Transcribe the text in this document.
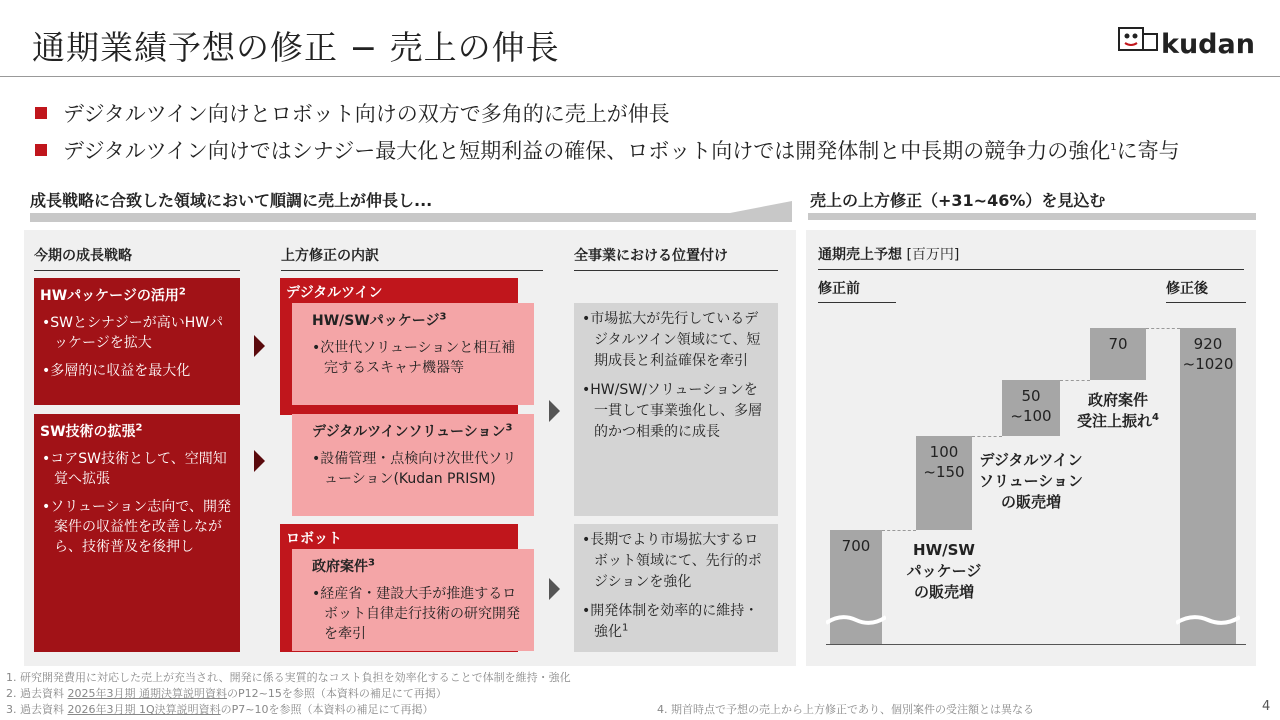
通期業績予想の修正 − 売上の伸長	kudan
デジタルツイン向けとロボット向けの双方で多角的に売上が伸長
デジタルツイン向けではシナジー最大化と短期利益の確保、ロボット向けでは開発体制と中長期の競争力の強化$^1$に寄与
成長戦略に合致した領域において順調に売上が伸長し...	売上の上方修正（+31~46%）を見込む
今期の成長戦略	上方修正の内訳	全事業における位置付け
HWパッケージの活用$^2$
•SWとシナジーが高いHWパッケージを拡大
•多層的に収益を最大化
SW技術の拡張$^2$
•コアSW技術として、空間知覚へ拡張
•ソリューション志向で、開発案件の収益性を改善しながら、技術普及を後押し
デジタルツイン
HW/SWパッケージ$^3$
•次世代ソリューションと相互補完するスキャナ機器等
デジタルツインソリューション$^3$
•設備管理・点検向け次世代ソリューション(Kudan PRISM)
ロボット
政府案件$^3$
•経産省・建設大手が推進するロボット自律走行技術の研究開発を牽引
•市場拡大が先行しているデジタルツイン領域にて、短期成長と利益確保を牽引
•HW/SW/ソリューションを一貫して事業強化し、多層的かつ相乗的に成長
•長期でより市場拡大するロボット領域にて、先行的ポジションを強化
•開発体制を効率的に維持・強化$^1$
通期売上予想 [百万円]
修正前	修正後
700
100
~150
50
~100
70	920
~1020
HW/SW
パッケージ
の販売増
デジタルツイン
ソリューション
の販売増
政府案件
受注上振れ$^4$
1. 研究開発費用に対応した売上が充当され、開発に係る実質的なコスト負担を効率化することで体制を維持・強化
2. 過去資料 2025年3月期 通期決算説明資料のP12~15を参照（本資料の補足にて再掲）
3. 過去資料 2026年3月期 1Q決算説明資料のP7~10を参照（本資料の補足にて再掲）	4. 期首時点で予想の売上から上方修正であり、個別案件の受注額とは異なる	4
